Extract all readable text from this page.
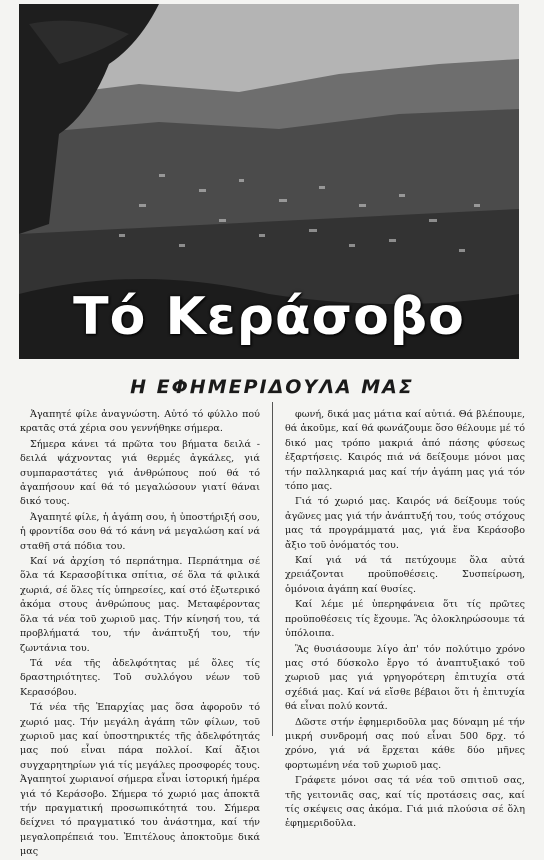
Τό Κεράσοβο
Η ΕΦΗΜΕΡΙΔΟΥΛΑ ΜΑΣ

Ἀγαπητέ φίλε ἀναγνώστη. Αὐτό τό φύλλο πού κρατᾶς στά χέρια σου γεννήθηκε σήμερα.

Σήμερα κάνει τά πρῶτα του βήματα δειλά - δειλά ψάχνοντας γιά θερμές ἀγκάλες, γιά συμπαραστάτες γιά ἀνθρώπους πού θά τό ἀγαπήσουν καί θά τό μεγαλώσουν γιατί θάναι δικό τους.

Ἀγαπητέ φίλε, ἡ ἀγάπη σου, ἡ ὑποστήριξή σου, ἡ φροντίδα σου θά τό κάνη νά μεγαλώση καί νά σταθῆ στά πόδια του.

Καί νά ἀρχίση τό περπάτημα. Περπάτημα σέ ὅλα τά Κερασοβίτικα σπίτια, σέ ὅλα τά φιλικά χωριά, σέ ὅλες τίς ὑπηρεσίες, καί στό ἐξωτερικό ἀκόμα στους ἀνθρώπους μας. Μεταφέροντας ὅλα τά νέα τοῦ χωριοῦ μας. Τήν κίνησή του, τά προβλήματά του, τήν ἀνάπτυξή του, τήν ζωντάνια του.

Τά νέα τῆς ἀδελφότητας μέ ὅλες τίς δραστηριότητες. Τοῦ συλλόγου νέων τοῦ Κερασόβου.

Τά νέα τῆς Ἐπαρχίας μας ὅσα ἀφοροῦν τό χωριό μας. Τήν μεγάλη ἀγάπη τῶν φίλων, τοῦ χωριοῦ μας καί ὑποστηρικτές τῆς ἀδελφότητάς μας πού εἶναι πάρα πολλοί. Καί ἄξιοι συγχαρητηρίων γιά τίς μεγάλες προσφορές τους. Ἀγαπητοί χωριανοί σήμερα εἶναι ἱστορική ἡμέρα γιά τό Κεράσοβο. Σήμερα τό χωριό μας ἀποκτᾶ τήν πραγματική προσωπικότητά του. Σήμερα δείχνει τό πραγματικό του ἀνάστημα, καί τήν μεγαλοπρέπειά του. Ἐπιτέλους ἀποκτοῦμε δικά μας

φωνή, δικά μας μάτια καί αὐτιά. Θά βλέπουμε, θά ἀκοῦμε, καί θά φωνάζουμε ὅσο θέλουμε μέ τό δικό μας τρόπο μακριά ἀπό πάσης φύσεως ἐξαρτήσεις. Καιρός πιά νά δείξουμε μόνοι μας τήν παλληκαριά μας καί τήν ἀγάπη μας γιά τόν τόπο μας.

Γιά τό χωριό μας. Καιρός νά δείξουμε τούς ἀγῶνες μας γιά τήν ἀνάπτυξή του, τούς στόχους μας τά προγράμματά μας, γιά ἕνα Κεράσοβο ἄξιο τοῦ ὀνόματός του.

Καί γιά νά τά πετύχουμε ὅλα αὐτά χρειάζονται προϋποθέσεις. Συσπείρωση, ὁμόνοια ἀγάπη καί θυσίες.

Καί λέμε μέ ὑπερηφάνεια ὅτι τίς πρῶτες προϋποθέσεις τίς ἔχουμε. Ἂς ὁλοκληρώσουμε τά ὑπόλοιπα.

Ἂς θυσιάσουμε λίγο ἀπ' τόν πολύτιμο χρόνο μας στό δύσκολο ἔργο τό ἀναπτυξιακό τοῦ χωριοῦ μας γιά γρηγορότερη ἐπιτυχία στά σχέδιά μας. Καί νά εἴσθε βέβαιοι ὅτι ἡ ἐπιτυχία θά εἶναι πολύ κοντά.

Δῶστε στήν ἐφημεριδοῦλα μας δύναμη μέ τήν μικρή συνδρομή σας πού εἶναι 500 δρχ. τό χρόνο, γιά νά ἔρχεται κάθε δύο μῆνες φορτωμένη νέα τοῦ χωριοῦ μας.

Γράφετε μόνοι σας τά νέα τοῦ σπιτιοῦ σας, τῆς γειτονιᾶς σας, καί τίς προτάσεις σας, καί τίς σκέψεις σας ἀκόμα. Γιά μιά πλούσια σέ ὅλη ἐφημεριδοῦλα.
